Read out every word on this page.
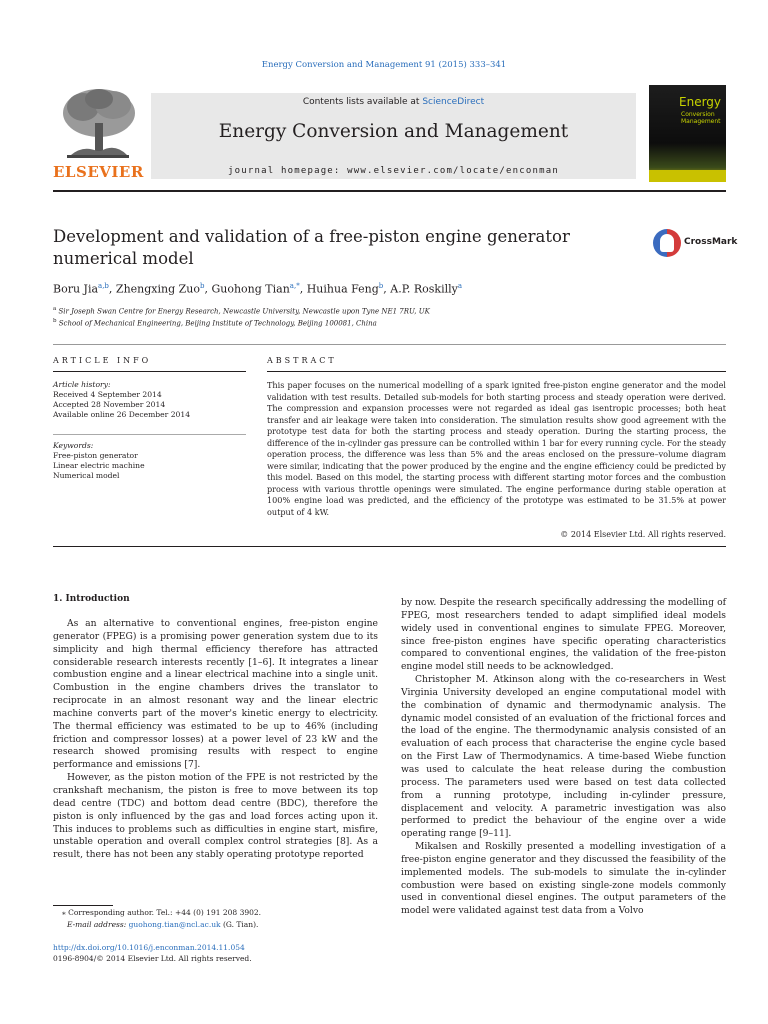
Energy Conversion and Management 91 (2015) 333–341
ELSEVIER
Contents lists available at ScienceDirect
Energy Conversion and Management
journal homepage: www.elsevier.com/locate/enconman
Energy
Conversion
Management
Development and validation of a free-piston engine generator
numerical model
CrossMark
Boru Jia$^{a,b}$, Zhengxing Zuo$^b$, Guohong Tian$^{a,*}$, Huihua Feng$^b$, A.P. Roskilly$^a$
$^a$ Sir Joseph Swan Centre for Energy Research, Newcastle University, Newcastle upon Tyne NE1 7RU, UK
$^b$ School of Mechanical Engineering, Beijing Institute of Technology, Beijing 100081, China
ARTICLE INFO
Article history:
Received 4 September 2014
Accepted 28 November 2014
Available online 26 December 2014
Keywords:
Free-piston generator
Linear electric machine
Numerical model
ABSTRACT
This paper focuses on the numerical modelling of a spark ignited free-piston engine generator and the model validation with test results. Detailed sub-models for both starting process and steady operation were derived. The compression and expansion processes were not regarded as ideal gas isentropic processes; both heat transfer and air leakage were taken into consideration. The simulation results show good agreement with the prototype test data for both the starting process and steady operation. During the starting process, the difference of the in-cylinder gas pressure can be controlled within 1 bar for every running cycle. For the steady operation process, the difference was less than 5% and the areas enclosed on the pressure–volume diagram were similar, indicating that the power produced by the engine and the engine efficiency could be predicted by this model. Based on this model, the starting process with different starting motor forces and the combustion process with various throttle openings were simulated. The engine performance during stable operation at 100% engine load was predicted, and the efficiency of the prototype was estimated to be 31.5% at power output of 4 kW.
© 2014 Elsevier Ltd. All rights reserved.
1. Introduction

As an alternative to conventional engines, free-piston engine generator (FPEG) is a promising power generation system due to its simplicity and high thermal efficiency therefore has attracted considerable research interests recently [1–6]. It integrates a linear combustion engine and a linear electrical machine into a single unit. Combustion in the engine chambers drives the translator to reciprocate in an almost resonant way and the linear electric machine converts part of the mover's kinetic energy to electricity. The thermal efficiency was estimated to be up to 46% (including friction and compressor losses) at a power level of 23 kW and the research showed promising results with respect to engine performance and emissions [7].

However, as the piston motion of the FPE is not restricted by the crankshaft mechanism, the piston is free to move between its top dead centre (TDC) and bottom dead centre (BDC), therefore the piston is only influenced by the gas and load forces acting upon it. This induces to problems such as difficulties in engine start, misfire, unstable operation and overall complex control strategies [8]. As a result, there has not been any stably operating prototype reported

by now. Despite the research specifically addressing the modelling of FPEG, most researchers tended to adapt simplified ideal models widely used in conventional engines to simulate FPEG. Moreover, since free-piston engines have specific operating characteristics compared to conventional engines, the validation of the free-piston engine model still needs to be acknowledged.

Christopher M. Atkinson along with the co-researchers in West Virginia University developed an engine computational model with the combination of dynamic and thermodynamic analysis. The dynamic model consisted of an evaluation of the frictional forces and the load of the engine. The thermodynamic analysis consisted of an evaluation of each process that characterise the engine cycle based on the First Law of Thermodynamics. A time-based Wiebe function was used to calculate the heat release during the combustion process. The parameters used were based on test data collected from a running prototype, including in-cylinder pressure, displacement and velocity. A parametric investigation was also performed to predict the behaviour of the engine over a wide operating range [9–11].

Mikalsen and Roskilly presented a modelling investigation of a free-piston engine generator and they discussed the feasibility of the implemented models. The sub-models to simulate the in-cylinder combustion were based on existing single-zone models commonly used in conventional diesel engines. The output parameters of the model were validated against test data from a Volvo

⁎ Corresponding author. Tel.: +44 (0) 191 208 3902.
E-mail address: guohong.tian@ncl.ac.uk (G. Tian).
http://dx.doi.org/10.1016/j.enconman.2014.11.054
0196-8904/© 2014 Elsevier Ltd. All rights reserved.
